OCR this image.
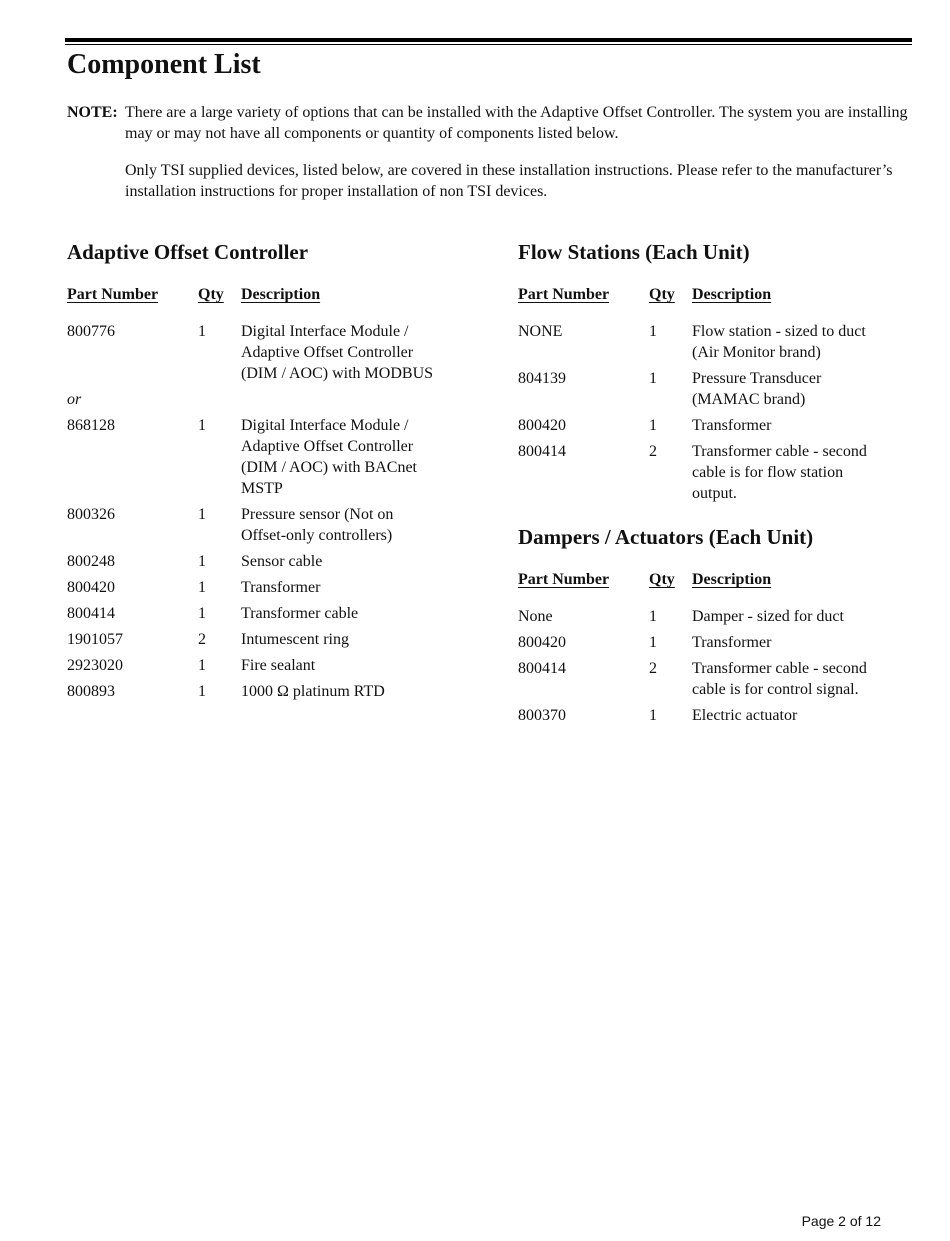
Component List
NOTE : There are a large variety of options that can be installed with the Adaptive Offset Controller. The system you are installing may or may not have all components or quantity of components listed below.

Only TSI supplied devices, listed below, are covered in these installation instructions. Please refer to the manufacturer’s installation instructions for proper installation of non TSI devices.

Adaptive Offset Controller
Part Number Qty Description
800776	1 Digital Interface Module /
Adaptive Offset Controller
(DIM / AOC) with MODBUS
or
868128	1 Digital Interface Module /
Adaptive Offset Controller
(DIM / AOC) with BACnet
MSTP
800326	1 Pressure sensor (Not on
Offset-only controllers)
800248	1 Sensor cable
800420	1 Transformer
800414	1 Transformer cable
1901057	2 Intumescent ring
2923020	1 Fire sealant
800893	1 1000 Ω platinum RTD
Flow Stations (Each Unit)
Part Number Qty Description
NONE	1 Flow station - sized to duct
(Air Monitor brand)
804139	1 Pressure Transducer
(MAMAC brand)
800420	1 Transformer
800414	2 Transformer cable - second
cable is for flow station
output.
Dampers / Actuators (Each Unit)
Part Number Qty Description
None	1 Damper - sized for duct
800420	1 Transformer
800414	2 Transformer cable - second
cable is for control signal.
800370	1 Electric actuator
Page 2 of 12
